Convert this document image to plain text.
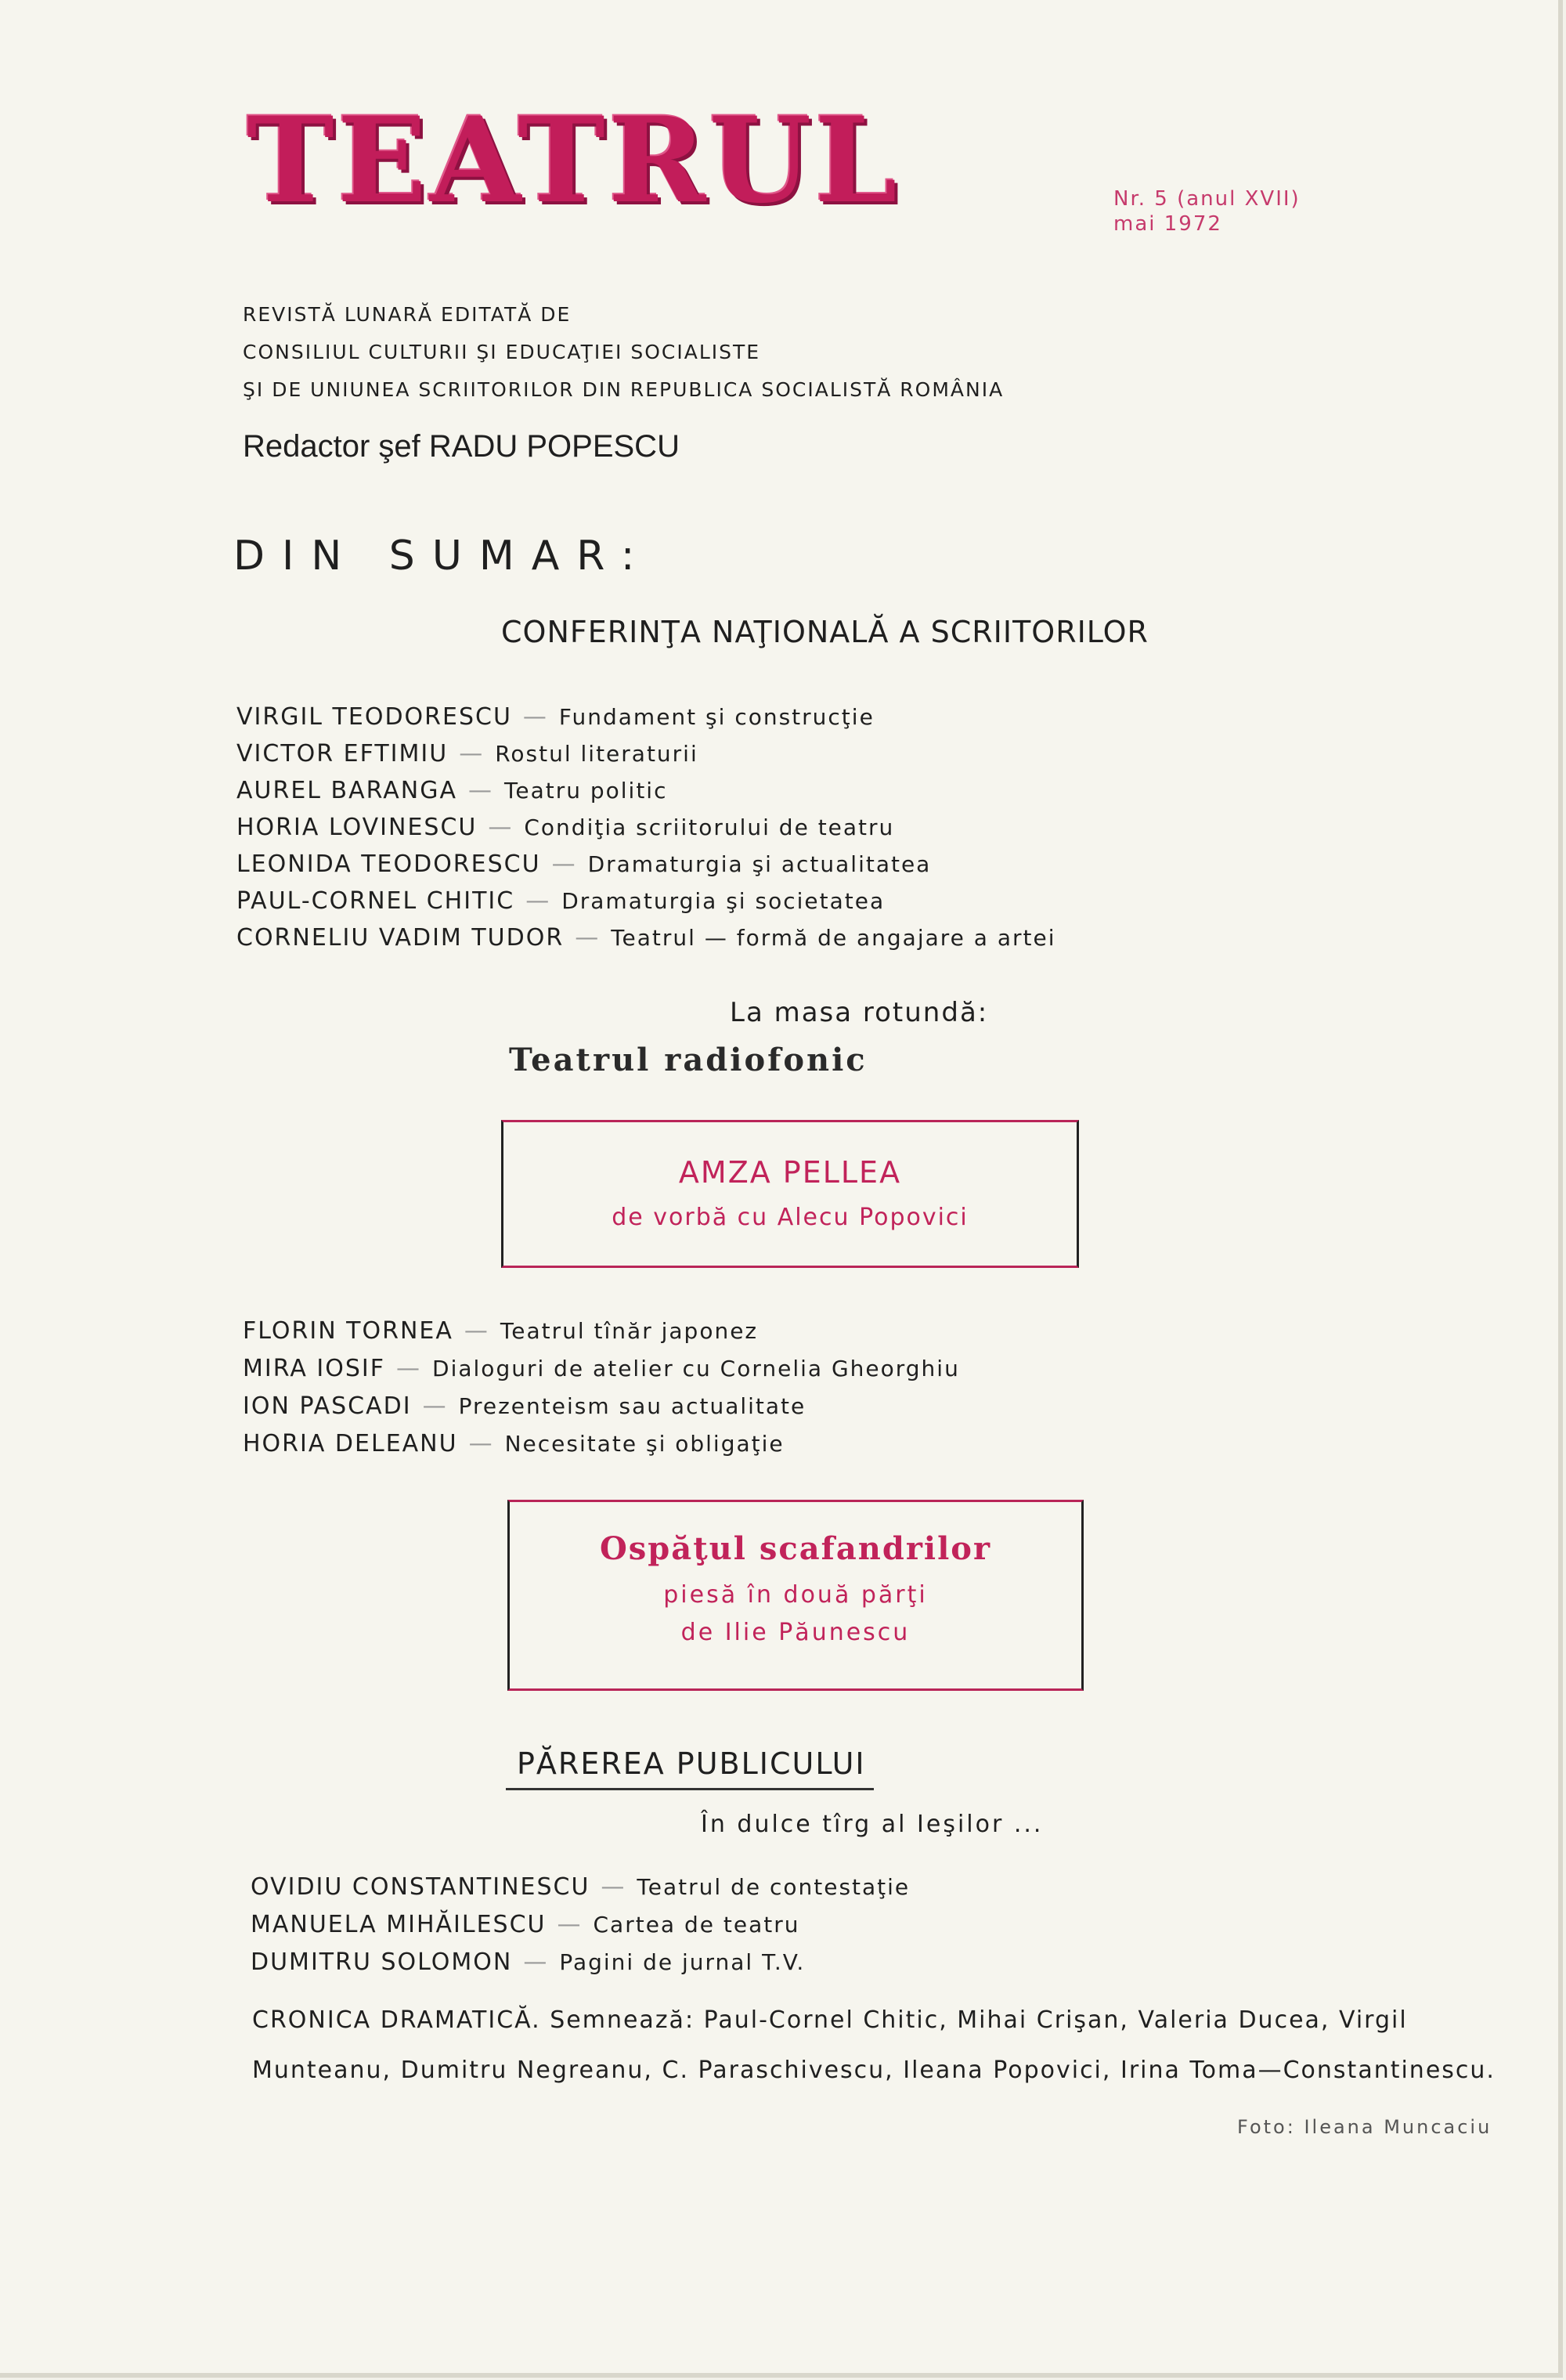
TEATRUL	Nr. 5 (anul XVII)
mai 1972
REVISTĂ LUNARĂ EDITATĂ DE
CONSILIUL CULTURII ŞI EDUCAŢIEI SOCIALISTE
ŞI DE UNIUNEA SCRIITORILOR DIN REPUBLICA SOCIALISTĂ ROMÂNIA
Redactor şef RADU POPESCU
DIN SUMAR:
CONFERINŢA NAŢIONALĂ A SCRIITORILOR
VIRGIL TEODORESCU — Fundament şi construcţie
VICTOR EFTIMIU — Rostul literaturii
AUREL BARANGA — Teatru politic
HORIA LOVINESCU — Condiţia scriitorului de teatru
LEONIDA TEODORESCU — Dramaturgia şi actualitatea
PAUL-CORNEL CHITIC — Dramaturgia şi societatea
CORNELIU VADIM TUDOR — Teatrul — formă de angajare a artei
La masa rotundă:
Teatrul radiofonic
AMZA PELLEA
de vorbă cu Alecu Popovici
FLORIN TORNEA — Teatrul tînăr japonez
MIRA IOSIF — Dialoguri de atelier cu Cornelia Gheorghiu
ION PASCADI — Prezenteism sau actualitate
HORIA DELEANU — Necesitate şi obligaţie
Ospăţul scafandrilor
piesă în două părţi
de Ilie Păunescu
PĂREREA PUBLICULUI
În dulce tîrg al Ieşilor ...
OVIDIU CONSTANTINESCU — Teatrul de contestaţie
MANUELA MIHĂILESCU — Cartea de teatru
DUMITRU SOLOMON — Pagini de jurnal T.V.
CRONICA DRAMATICĂ. Semnează: Paul-Cornel Chitic, Mihai Crişan, Valeria Ducea, Virgil Munteanu, Dumitru Negreanu, C. Paraschivescu, Ileana Popovici, Irina Toma—Constantinescu.
Foto: Ileana Muncaciu
